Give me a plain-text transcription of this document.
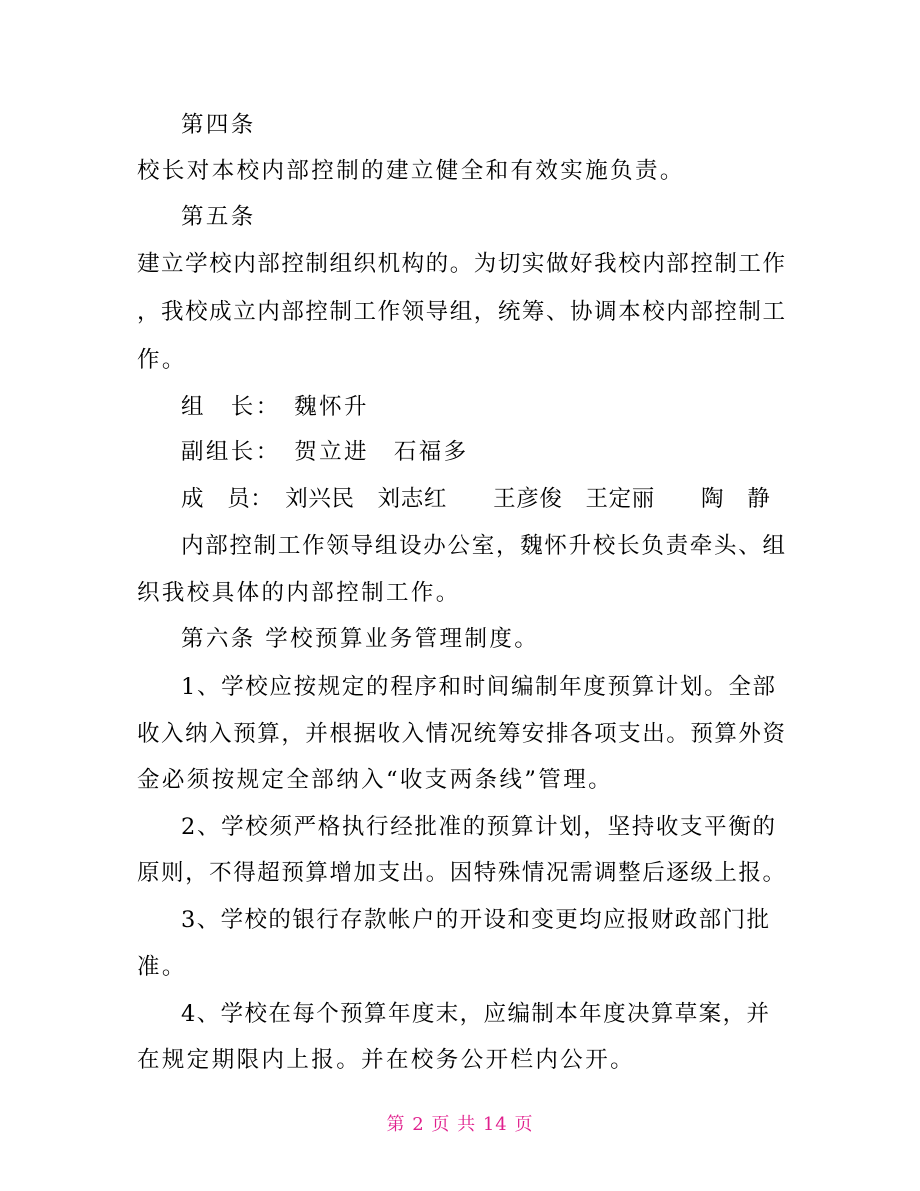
第四条
校长对本校内部控制的建立健全和有效实施负责。
第五条
建立学校内部控制组织机构的。为切实做好我校内部控制工作
，我校成立内部控制工作领导组，统筹、协调本校内部控制工
作。
组　长：　魏怀升
副组长：　贺立进　石福多
成　员：　刘兴民　刘志红　　王彦俊　王定丽　　陶　静
内部控制工作领导组设办公室，魏怀升校长负责牵头、组
织我校具体的内部控制工作。
第六条 学校预算业务管理制度。
1、学校应按规定的程序和时间编制年度预算计划。全部
收入纳入预算，并根据收入情况统筹安排各项支出。预算外资
金必须按规定全部纳入“收支两条线”管理。
2、学校须严格执行经批准的预算计划，坚持收支平衡的
原则，不得超预算增加支出。因特殊情况需调整后逐级上报。
3、学校的银行存款帐户的开设和变更均应报财政部门批
准。
4、学校在每个预算年度末，应编制本年度决算草案，并
在规定期限内上报。并在校务公开栏内公开。
第 2 页 共 14 页
